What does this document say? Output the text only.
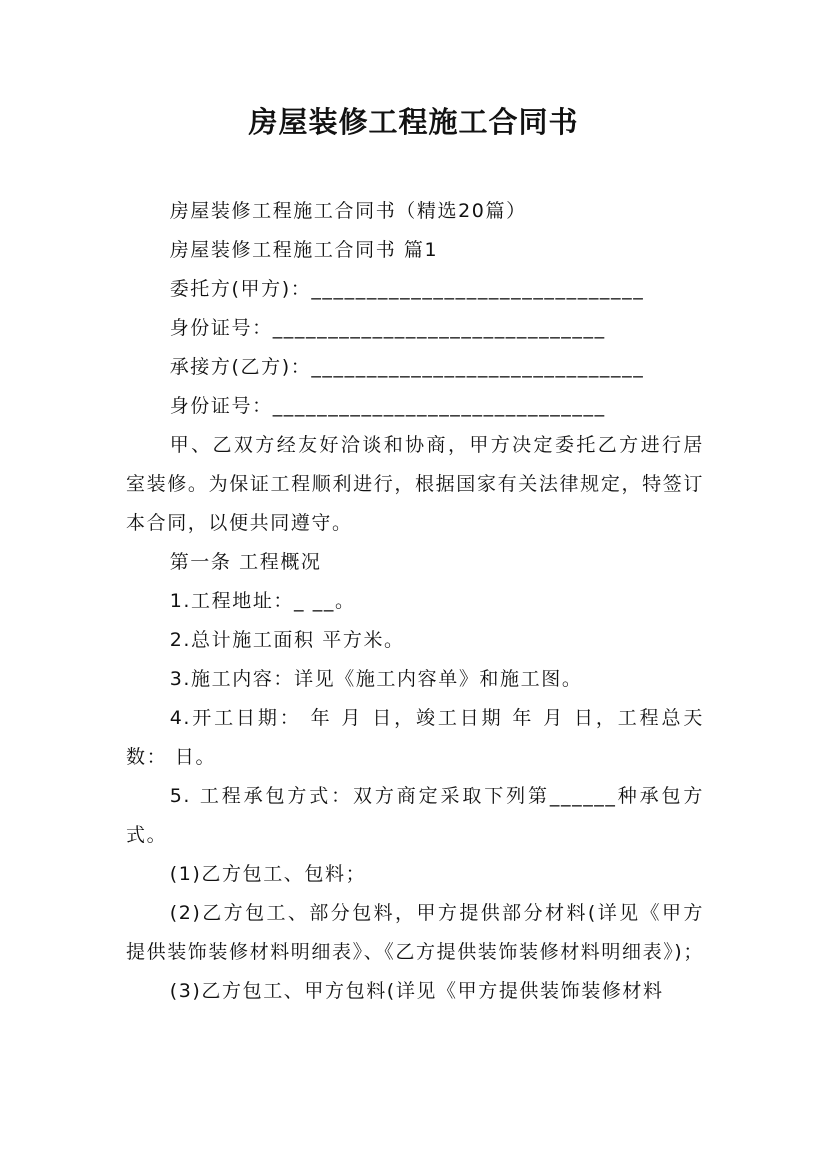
房屋装修工程施工合同书

房屋装修工程施工合同书（精选20篇）

房屋装修工程施工合同书 篇1

委托方(甲方)：______________________________

身份证号：______________________________

承接方(乙方)：______________________________

身份证号：______________________________

甲、乙双方经友好洽谈和协商，甲方决定委托乙方进行居室装修。为保证工程顺利进行，根据国家有关法律规定，特签订本合同，以便共同遵守。

第一条 工程概况

1.工程地址：_ __。

2.总计施工面积 平方米。

3.施工内容：详见《施工内容单》和施工图。

4.开工日期： 年 月 日，竣工日期 年 月 日，工程总天数： 日。

5. 工程承包方式：双方商定采取下列第______种承包方式。

(1)乙方包工、包料；

(2)乙方包工、部分包料，甲方提供部分材料(详见《甲方提供装饰装修材料明细表》、《乙方提供装饰装修材料明细表》)；

(3)乙方包工、甲方包料(详见《甲方提供装饰装修材料
